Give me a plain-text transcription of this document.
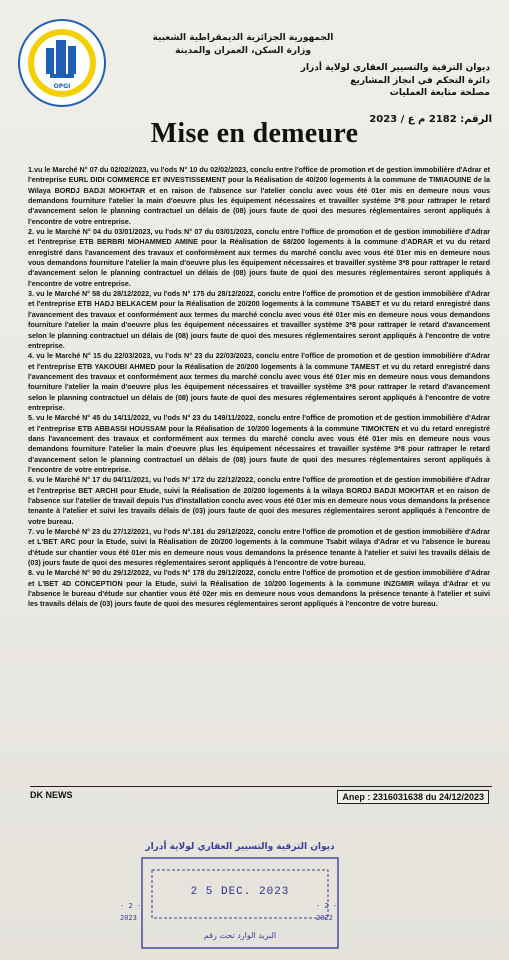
OPGI
الجمهورية الجزائرية الديمقراطية الشعبية
وزارة السكن، العمران والمدينة
ديوان الترقية والتسيير العقاري لولاية أدرار
دائرة التحكم في انجاز المشاريع
مصلحة متابعة العمليات
الرقم: 2182 م ع / 2023
Mise en demeure

1.vu le Marché N° 07 du 02/02/2023, vu l'ods N° 10 du 02/02/2023, conclu entre l'office de promotion et de gestion immobilière d'Adrar et l'entreprise EURL DIDI COMMERCE ET INVESTISSEMENT pour la Réalisation de 40/200 logements à la commune de TIMIAOUINE de la Wilaya BORDJ BADJI MOKHTAR et en raison de l'absence sur l'atelier conclu avec vous été 01er mis en demeure nous vous demandons fourniture l'atelier la main d'oeuvre plus les équipement nécessaires et travailler système 3*8 pour rattraper le retard d'avancement selon le planning contractuel un délais de (08) jours faute de quoi des mesures réglementaires seront appliqués à l'encontre de votre entreprise.

2. vu le Marché N° 04 du 03/01/2023, vu l'ods N° 07 du 03/01/2023, conclu entre l'office de promotion et de gestion immobilière d'Adrar et l'entreprise ETB BERBRI MOHAMMED AMINE pour la Réalisation de 68/200 logements à la commune d'ADRAR et vu du retard enregistré dans l'avancement des travaux et conformément aux termes du marché conclu avec vous été 01er mis en demeure nous vous demandons fourniture l'atelier la main d'oeuvre plus les équipement nécessaires et travailler système 3*8 pour rattraper le retard d'avancement selon le planning contractuel un délais de (08) jours faute de quoi des mesures réglementaires seront appliqués à l'encontre de votre entreprise.

3. vu le Marché N° 58 du 28/12/2022, vu l'ods N° 175 du 28/12/2022, conclu entre l'office de promotion et de gestion immobilière d'Adrar et l'entreprise ETB HADJ BELKACEM pour la Réalisation de 20/200 logements à la commune TSABET et vu du retard enregistré dans l'avancement des travaux et conformément aux termes du marché conclu avec vous été 01er mis en demeure nous vous demandons fourniture l'atelier la main d'oeuvre plus les équipement nécessaires et travailler système 3*8 pour rattraper le retard d'avancement selon le planning contractuel un délais de (08) jours faute de quoi des mesures réglementaires seront appliqués à l'encontre de votre entreprise.

4. vu le Marché N° 15 du 22/03/2023, vu l'ods N° 23 du 22/03/2023, conclu entre l'office de promotion et de gestion immobilière d'Adrar et l'entreprise ETB YAKOUBI AHMED pour la Réalisation de 20/200 logements à la commune TAMEST et vu du retard enregistré dans l'avancement des travaux et conformément aux termes du marché conclu avec vous été 01er mis en demeure nous vous demandons fourniture l'atelier la main d'oeuvre plus les équipement nécessaires et travailler système 3*8 pour rattraper le retard d'avancement selon le planning contractuel un délais de (08) jours faute de quoi des mesures réglementaires seront appliqués à l'encontre de votre entreprise.

5. vu le Marché N° 45 du 14/11/2022, vu l'ods N° 23 du 149/11/2022, conclu entre l'office de promotion et de gestion immobilière d'Adrar et l'entreprise ETB ABBASSI HOUSSAM pour la Réalisation de 10/200 logements à la commune TIMOKTEN et vu du retard enregistré dans l'avancement des travaux et conformément aux termes du marché conclu avec vous été 01er mis en demeure nous vous demandons fourniture l'atelier la main d'oeuvre plus les équipement nécessaires et travailler système 3*8 pour rattraper le retard d'avancement selon le planning contractuel un délais de (08) jours faute de quoi des mesures réglementaires seront appliqués à l'encontre de votre entreprise.

6. vu le Marché N° 17 du 04/11/2021, vu l'ods N° 172 du 22/12/2022, conclu entre l'office de promotion et de gestion immobilière d'Adrar et l'entreprise BET ARCHI pour Etude, suivi la Réalisation de 20/200 logements à la wilaya BORDJ BADJI MOKHTAR et en raison de l'absence sur l'atelier de travail depuis l'us d'installation conclu avec vous été 01er mis en demeure nous vous demandons la présence tenante à l'atelier et suivi les travails délais de (03) jours faute de quoi des mesures réglementaires seront appliqués à l'encontre de votre bureau.

7. vu le Marché N° 23 du 27/12/2021, vu l'ods N°.181 du 29/12/2022, conclu entre l'office de promotion et de gestion immobilière d'Adrar et L'BET ARC pour la Etude, suivi la Réalisation de 20/200 logements à la commune Tsabit wilaya d'Adrar et vu l'absence le bureau d'étude sur chantier vous été 01er mis en demeure nous vous demandons la présence tenante à l'atelier et suivi les travails délais de (03) jours faute de quoi des mesures réglementaires seront appliqués à l'encontre de votre bureau.

8. vu le Marché N° 90 du 29/12/2022, vu l'ods N° 178 du 29/12/2022, conclu entre l'office de promotion et de gestion immobilière d'Adrar et L'BET 4D CONCEPTION pour la Etude, suivi la Réalisation de 10/200 logements à la commune INZGMIR wilaya d'Adrar et vu l'absence le bureau d'étude sur chantier vous été 02er mis en demeure nous vous demandons la présence tenante à l'atelier et suivi les travails délais de (03) jours faute de quoi des mesures réglementaires seront appliqués à l'encontre de votre bureau.

DK NEWS	Anep : 2316031638 du 24/12/2023
ديوان الترقية والتسيير العقاري لولاية أدرار
2 5 DEC. 2023
البريد الوارد تحت رقم
- 2 -
2023
- 2 -
2022
